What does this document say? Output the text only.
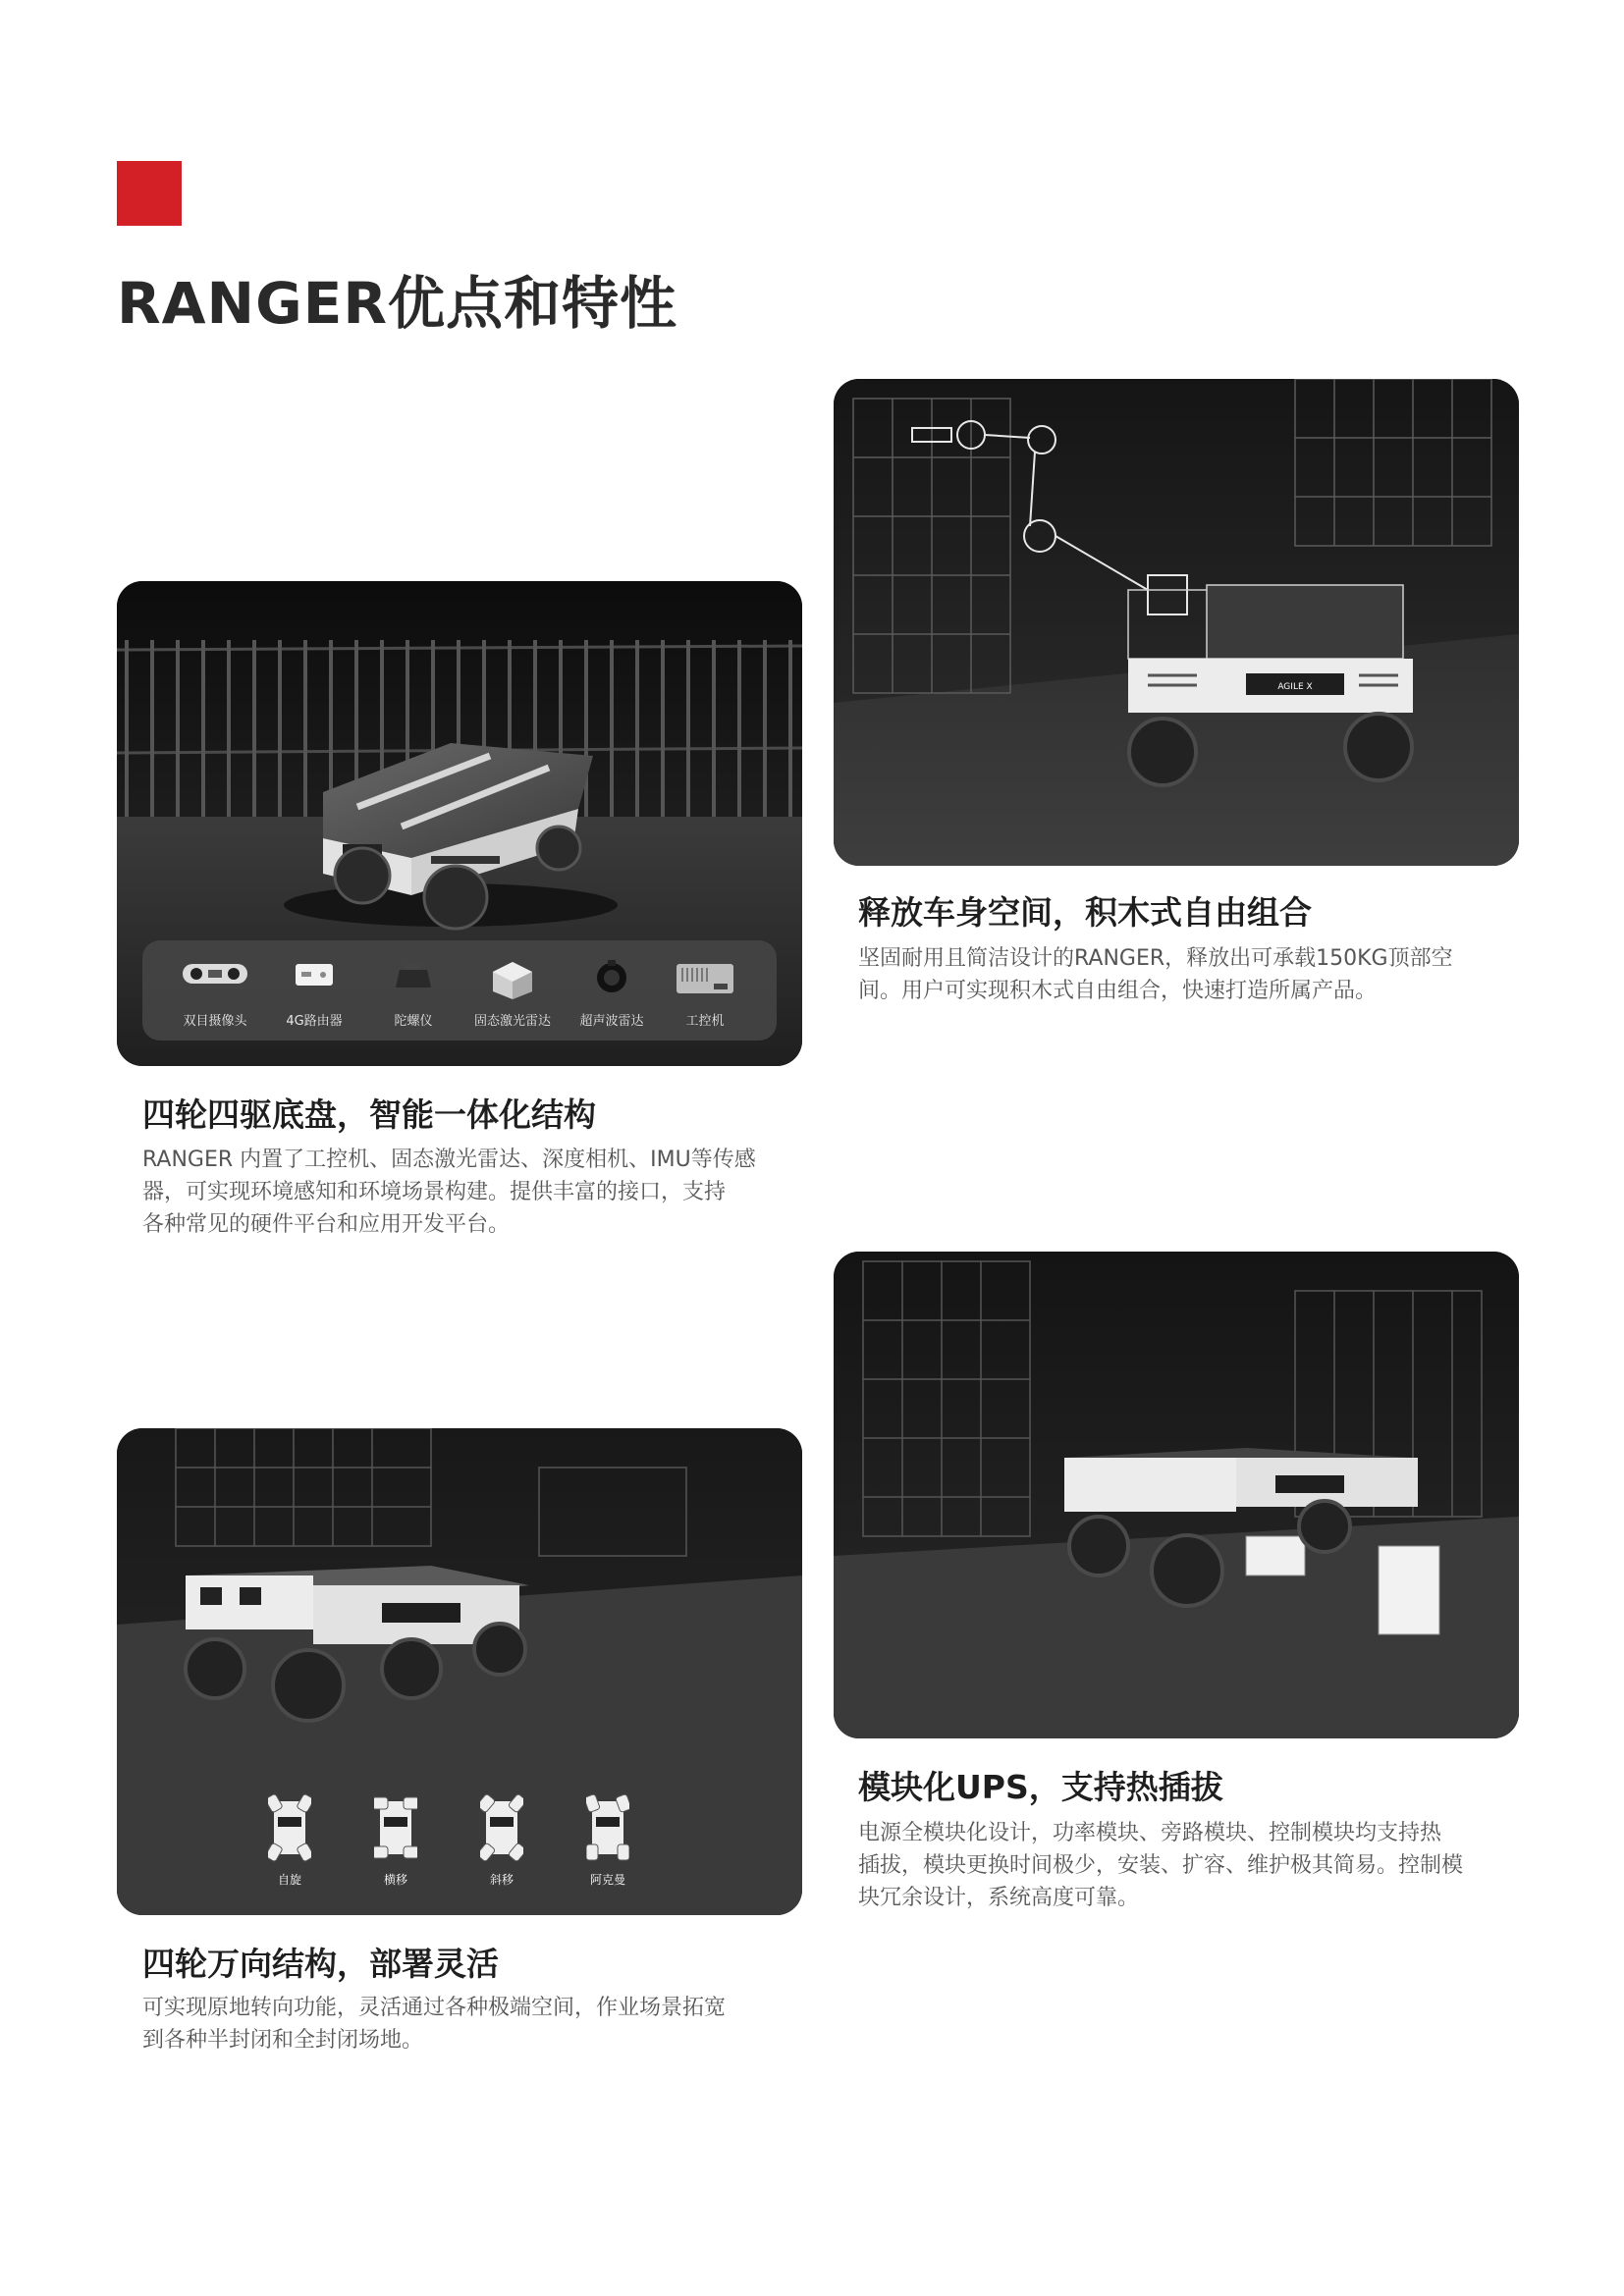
RANGER优点和特性
双目摄像头	4G路由器	陀螺仪	固态激光雷达	超声波雷达	工控机
四轮四驱底盘，智能一体化结构
RANGER 内置了工控机、固态激光雷达、深度相机、IMU等传感
器，可实现环境感知和环境场景构建。提供丰富的接口，支持
各种常见的硬件平台和应用开发平台。
AGILE X
释放车身空间，积木式自由组合
坚固耐用且简洁设计的RANGER，释放出可承载150KG顶部空
间。用户可实现积木式自由组合，快速打造所属产品。
自旋	横移	斜移	阿克曼
四轮万向结构，部署灵活
可实现原地转向功能，灵活通过各种极端空间，作业场景拓宽
到各种半封闭和全封闭场地。
模块化UPS，支持热插拔
电源全模块化设计，功率模块、旁路模块、控制模块均支持热
插拔，模块更换时间极少，安装、扩容、维护极其简易。控制模
块冗余设计，系统高度可靠。
